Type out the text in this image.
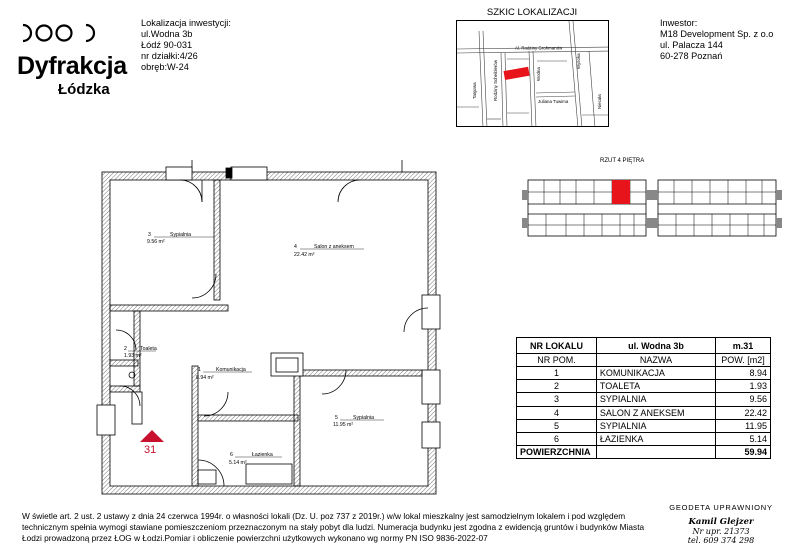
Dyfrakcja
Łódzka
Lokalizacja inwestycji:
ul.Wodna 3b
Łódź 90-031
nr działki:4/26
obręb:W-24
Inwestor:
M18 Development Sp. z o.o
ul. Palacza 144
60-278 Poznań
SZKIC LOKALIZACJI
Al. Rodziny Grohmanów
Targowa	Rodziny Scheiblerów	Wodna
Juliana Tuwima
Wysoka
Niecała
RZUT 4 PIĘTRA
3	Sypialnia
9.56 m²
4	Salon z aneksem
22.42 m²
2	Toaleta
1.93 m²
1	Komunikacja
8.94 m²
5	Sypialnia
11.95 m²
6	Łazienka
5.14 m²
31
NR LOKALU	ul. Wodna 3b	m.31
NR POM.	NAZWA	POW. [m2]
1	KOMUNIKACJA	8.94
2	TOALETA	1.93
3	SYPIALNIA	9.56
4	SALON Z ANEKSEM	22.42
5	SYPIALNIA	11.95
6	ŁAZIENKA	5.14
POWIERZCHNIA		59.94
GEODETA UPRAWNIONY
Kamil Glejzer
Nr upr. 21373
tel. 609 374 298
W świetle art. 2 ust. 2 ustawy z dnia 24 czerwca 1994r. o własności lokali (Dz. U. poz 737 z 2019r.) w/w lokal mieszkalny jest samodzielnym lokalem i pod względem
technicznym spełnia wymogi stawiane pomieszczeniom przeznaczonym na stały pobyt dla ludzi. Numeracja budynku jest zgodna z ewidencją gruntów i budynków Miasta
Łodzi prowadzoną przez ŁOG w Łodzi.Pomiar i obliczenie powierzchni użytkowych wykonano wg normy PN ISO 9836-2022-07
